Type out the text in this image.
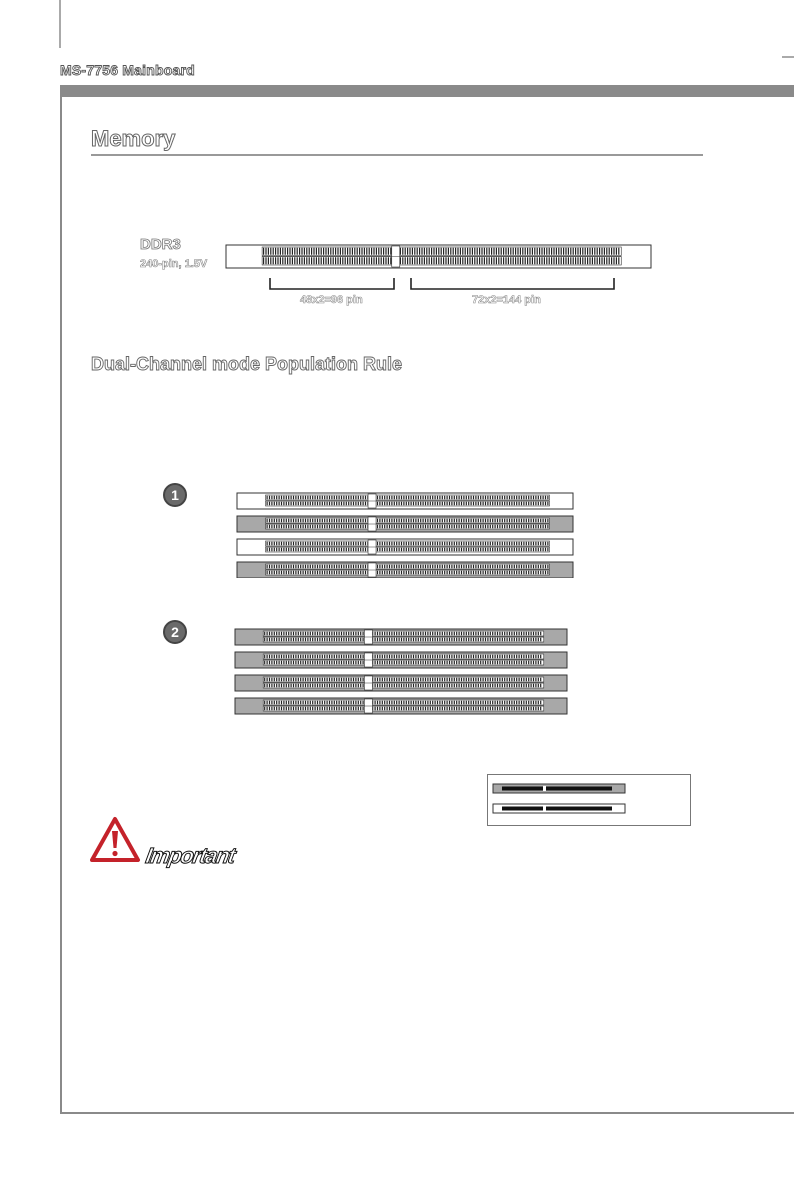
MS-7756 Mainboard
Memory
DDR3
240-pin, 1.5V
48x2=96 pin	72x2=144 pin
Dual-Channel mode Population Rule
1
2
Important
